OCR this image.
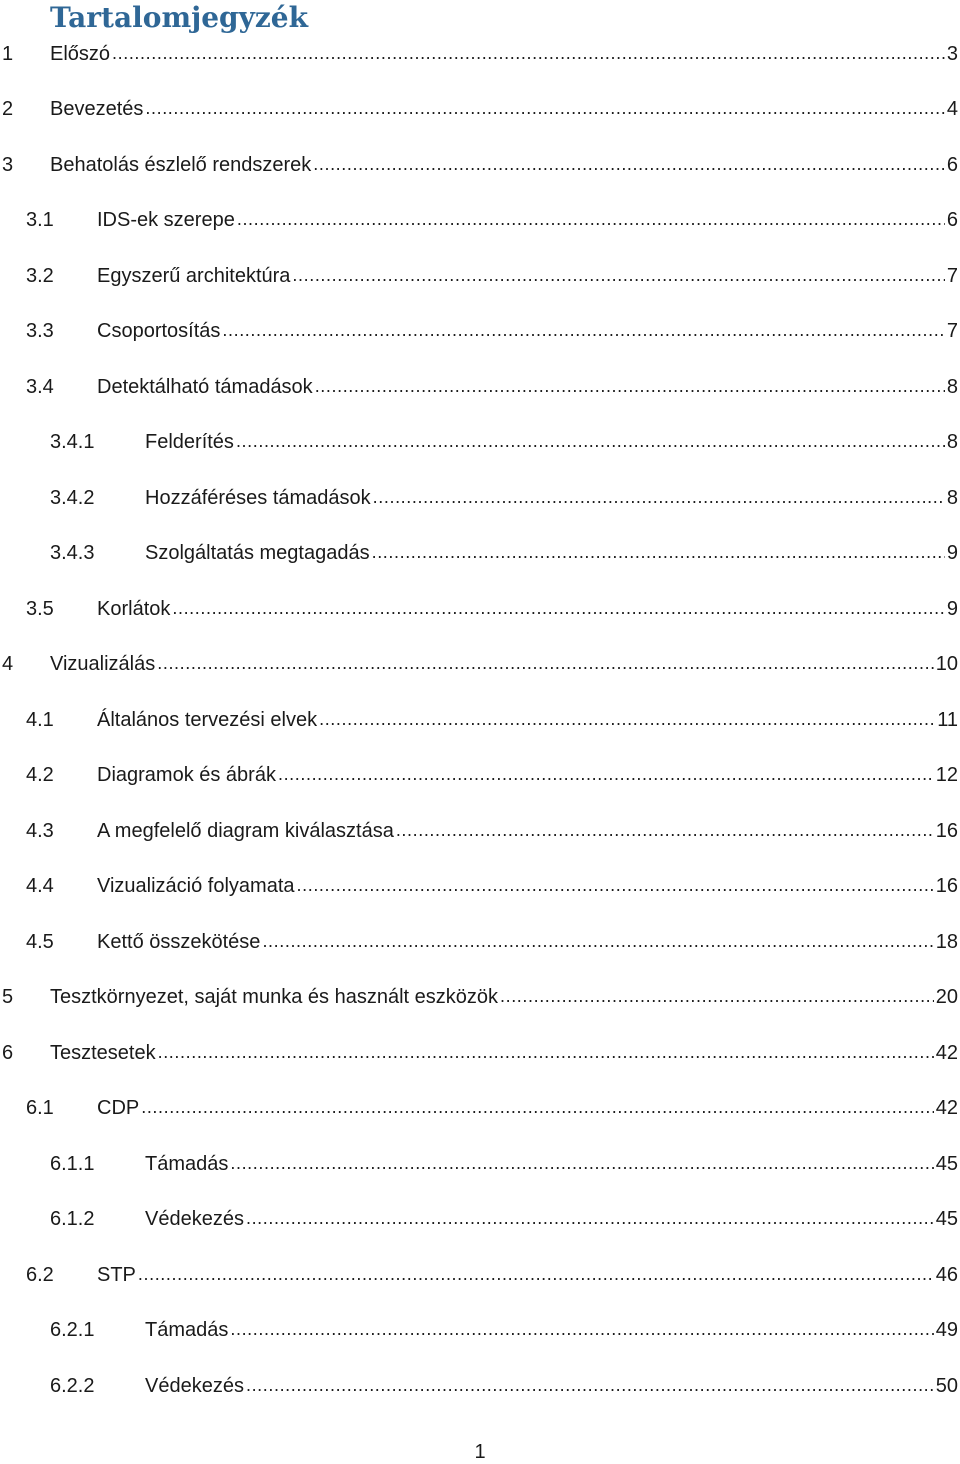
Tartalomjegyzék
1	Előszó .....	3
2	Bevezetés .....	4
3	Behatolás észlelő rendszerek .....	6
3.1	IDS-ek szerepe .....	6
3.2	Egyszerű architektúra .....	7
3.3	Csoportosítás .....	7
3.4	Detektálható támadások .....	8
3.4.1	Felderítés .....	8
3.4.2	Hozzáféréses támadások .....	8
3.4.3	Szolgáltatás megtagadás .....	9
3.5	Korlátok .....	9
4	Vizualizálás .....	10
4.1	Általános tervezési elvek .....	11
4.2	Diagramok és ábrák .....	12
4.3	A megfelelő diagram kiválasztása .....	16
4.4	Vizualizáció folyamata .....	16
4.5	Kettő összekötése .....	18
5	Tesztkörnyezet, saját munka és használt eszközök .....	20
6	Tesztesetek .....	42
6.1	CDP .....	42
6.1.1	Támadás .....	45
6.1.2	Védekezés .....	45
6.2	STP .....	46
6.2.1	Támadás .....	49
6.2.2	Védekezés .....	50
1
